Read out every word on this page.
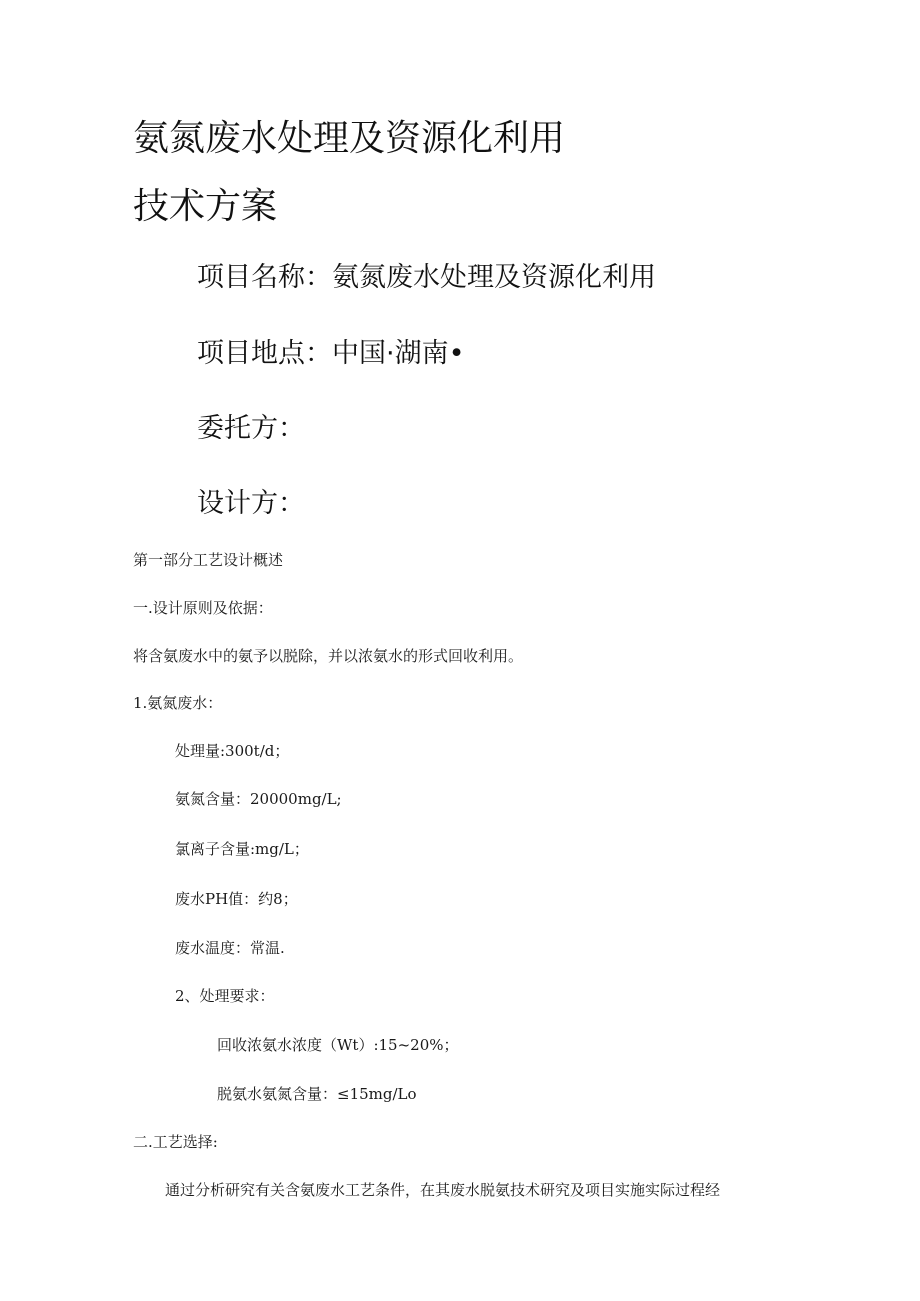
氨氮废水处理及资源化利用
技术方案
项目名称：氨氮废水处理及资源化利用
项目地点：中国·湖南•
委托方：
设计方：
第一部分工艺设计概述
一.设计原则及依据：
将含氨废水中的氨予以脱除，并以浓氨水的形式回收利用。
1.氨氮废水：
处理量:300t/d；
氨氮含量：20000mg/L;
氯离子含量:mg/L；
废水PH值：约8；
废水温度：常温.
2、处理要求：
回收浓氨水浓度（Wt）:15~20%；
脱氨水氨氮含量：≤15mg/Lo
二.工艺选择:
通过分析研究有关含氨废水工艺条件，在其废水脱氨技术研究及项目实施实际过程经
